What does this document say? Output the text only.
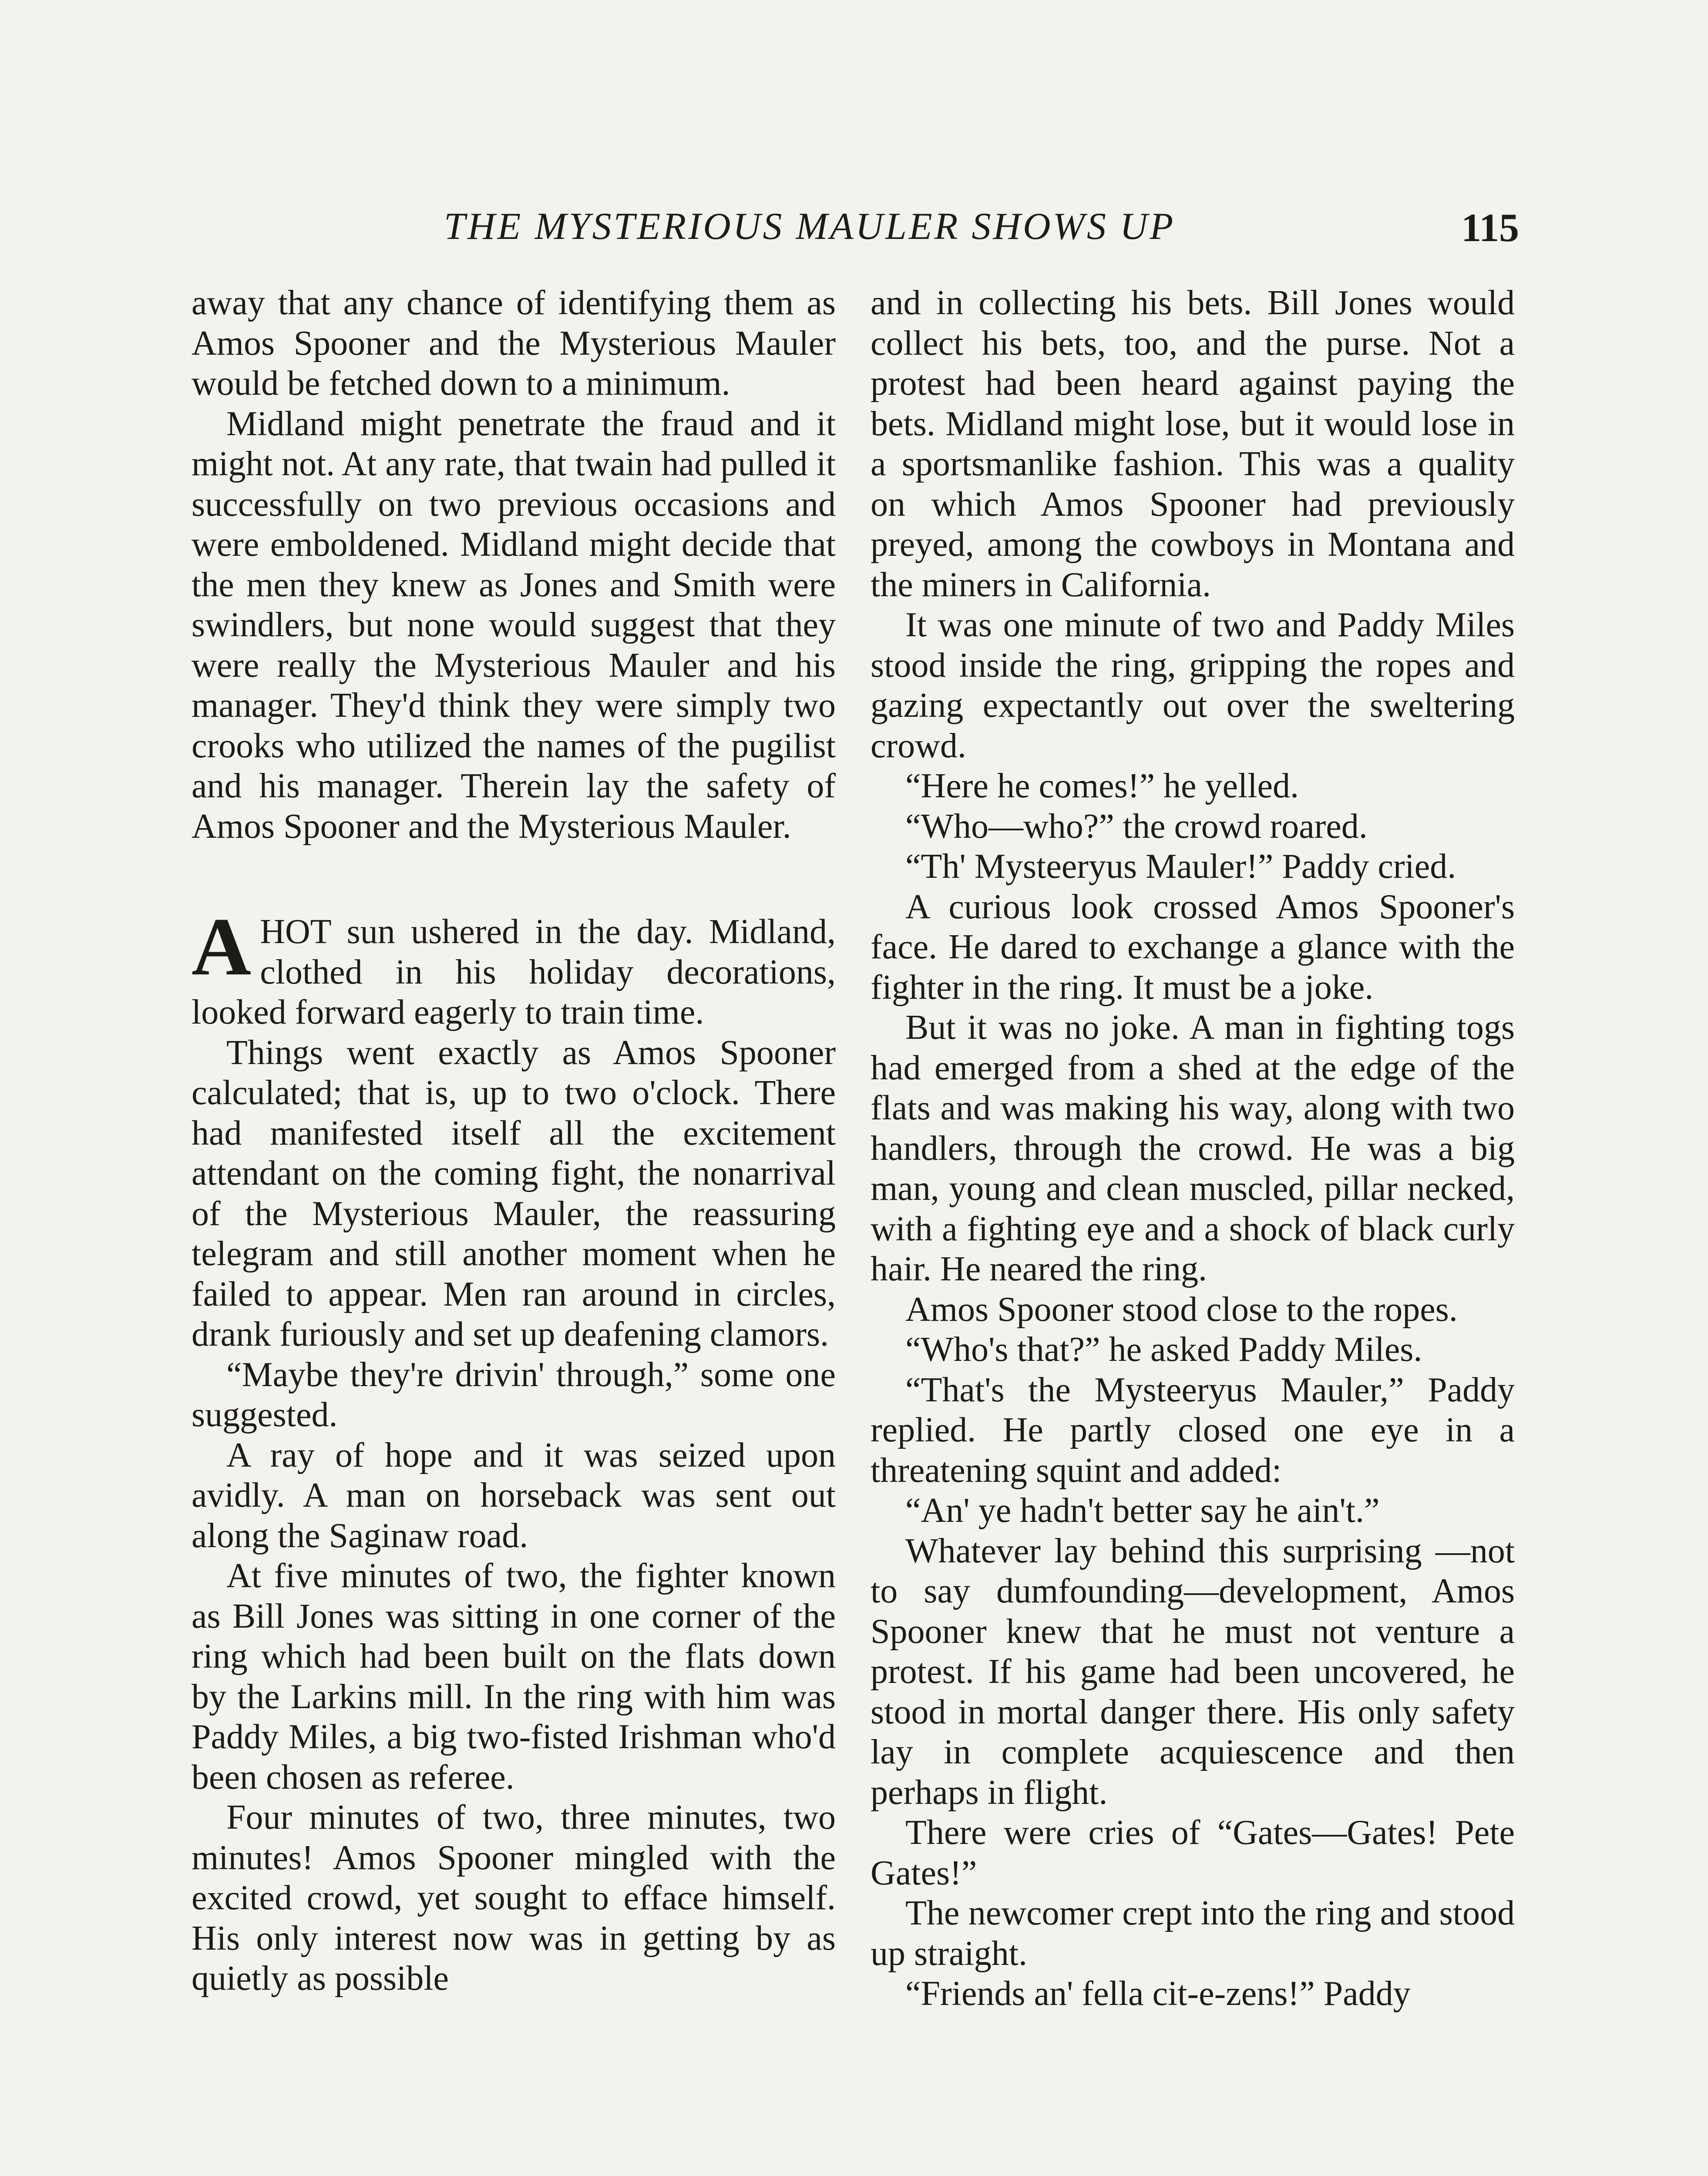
THE MYSTERIOUS MAULER SHOWS UP	115

away that any chance of identifying them as Amos Spooner and the Mysterious Mauler would be fetched down to a minimum.

Midland might penetrate the fraud and it might not. At any rate, that twain had pulled it successfully on two previous occasions and were emboldened. Midland might decide that the men they knew as Jones and Smith were swindlers, but none would suggest that they were really the Mysterious Mauler and his manager. They'd think they were simply two crooks who utilized the names of the pugilist and his manager. Therein lay the safety of Amos Spooner and the Mysterious Mauler.

AHOT sun ushered in the day. Midland, clothed in his holiday decorations, looked forward eagerly to train time.

Things went exactly as Amos Spooner calculated; that is, up to two o'clock. There had manifested itself all the excitement attendant on the coming fight, the nonarrival of the Mysterious Mauler, the reassuring telegram and still another moment when he failed to appear. Men ran around in circles, drank furiously and set up deafening clamors.

“Maybe they're drivin' through,” some one suggested.

A ray of hope and it was seized upon avidly. A man on horseback was sent out along the Saginaw road.

At five minutes of two, the fighter known as Bill Jones was sitting in one corner of the ring which had been built on the flats down by the Larkins mill. In the ring with him was Paddy Miles, a big two-fisted Irishman who'd been chosen as referee.

Four minutes of two, three minutes, two minutes! Amos Spooner mingled with the excited crowd, yet sought to efface himself. His only interest now was in getting by as quietly as possible

and in collecting his bets. Bill Jones would collect his bets, too, and the purse. Not a protest had been heard against paying the bets. Midland might lose, but it would lose in a sportsmanlike fashion. This was a quality on which Amos Spooner had previously preyed, among the cowboys in Montana and the miners in California.

It was one minute of two and Paddy Miles stood inside the ring, gripping the ropes and gazing expectantly out over the sweltering crowd.

“Here he comes!” he yelled.

“Who—who?” the crowd roared.

“Th' Mysteeryus Mauler!” Paddy cried.

A curious look crossed Amos Spooner's face. He dared to exchange a glance with the fighter in the ring. It must be a joke.

But it was no joke. A man in fighting togs had emerged from a shed at the edge of the flats and was making his way, along with two handlers, through the crowd. He was a big man, young and clean muscled, pillar necked, with a fighting eye and a shock of black curly hair. He neared the ring.

Amos Spooner stood close to the ropes.

“Who's that?” he asked Paddy Miles.

“That's the Mysteeryus Mauler,” Paddy replied. He partly closed one eye in a threatening squint and added:

“An' ye hadn't better say he ain't.”

Whatever lay behind this surprising —not to say dumfounding—development, Amos Spooner knew that he must not venture a protest. If his game had been uncovered, he stood in mortal danger there. His only safety lay in complete acquiescence and then perhaps in flight.

There were cries of “Gates—Gates! Pete Gates!”

The newcomer crept into the ring and stood up straight.

“Friends an' fella cit-e-zens!” Paddy
